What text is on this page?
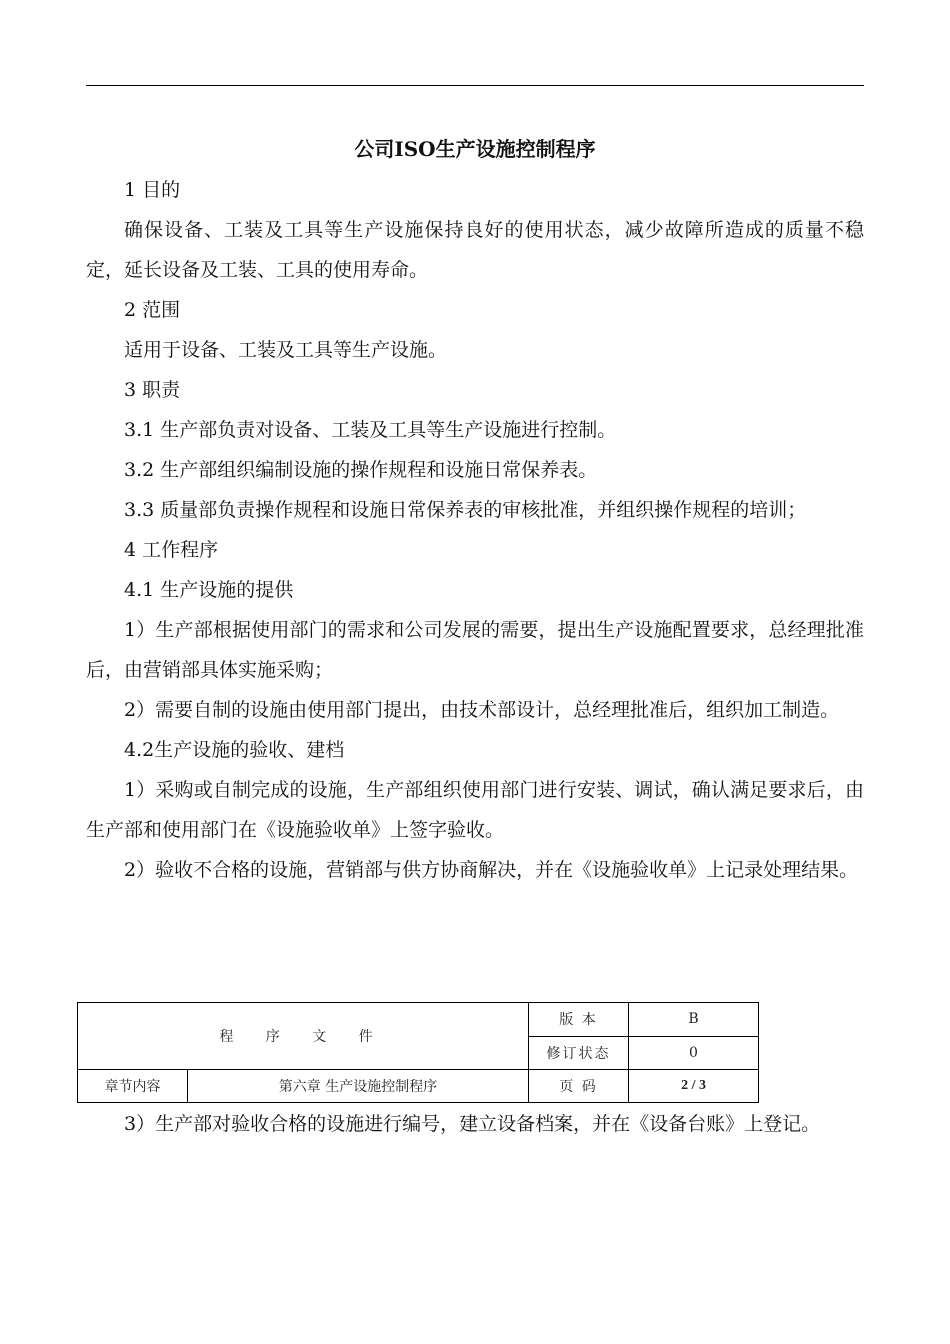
公司ISO生产设施控制程序

1 目的

确保设备、工装及工具等生产设施保持良好的使用状态，减少故障所造成的质量不稳定，延长设备及工装、工具的使用寿命。

2 范围

适用于设备、工装及工具等生产设施。

3 职责

3.1 生产部负责对设备、工装及工具等生产设施进行控制。

3.2 生产部组织编制设施的操作规程和设施日常保养表。

3.3 质量部负责操作规程和设施日常保养表的审核批准，并组织操作规程的培训；

4 工作程序

4.1 生产设施的提供

1）生产部根据使用部门的需求和公司发展的需要，提出生产设施配置要求，总经理批准后，由营销部具体实施采购；

2）需要自制的设施由使用部门提出，由技术部设计，总经理批准后，组织加工制造。

4.2生产设施的验收、建档

1）采购或自制完成的设施，生产部组织使用部门进行安装、调试，确认满足要求后，由生产部和使用部门在《设施验收单》上签字验收。

2）验收不合格的设施，营销部与供方协商解决，并在《设施验收单》上记录处理结果。

程 序 文 件		版 本	B
		修订状态	0
章节内容	第六章 生产设施控制程序	页 码	2 / 3

3）生产部对验收合格的设施进行编号，建立设备档案，并在《设备台账》上登记。
